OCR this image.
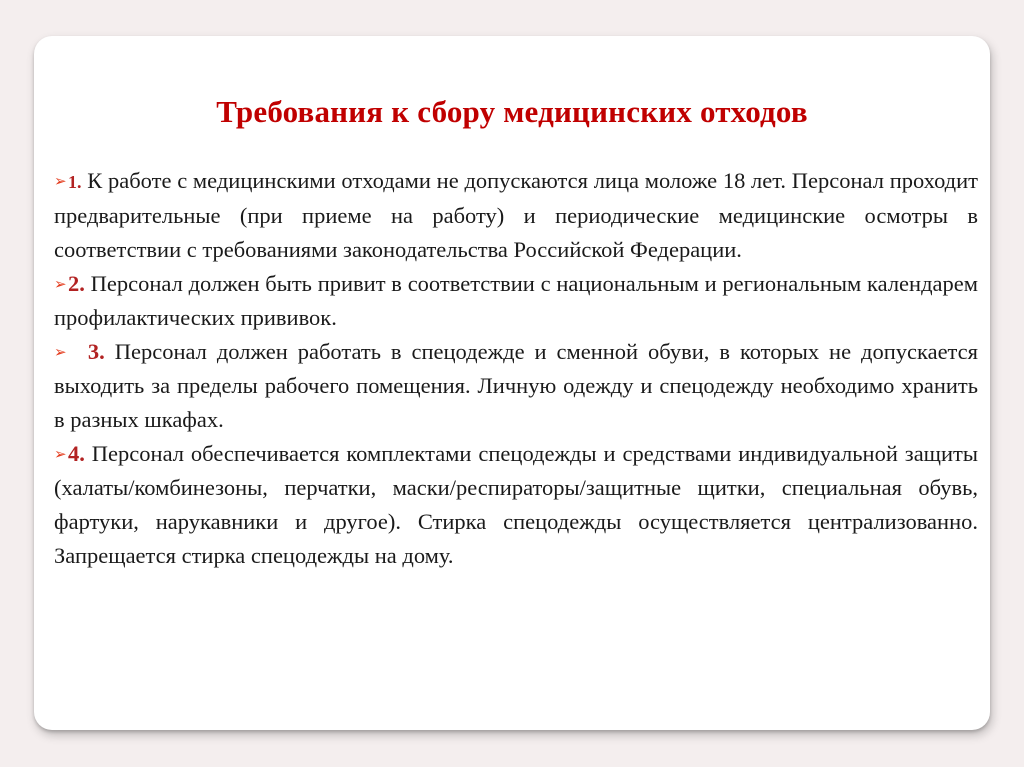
Требования к сбору медицинских отходов

➢1. К работе с медицинскими отходами не допускаются лица моложе 18 лет. Персонал проходит предварительные (при приеме на работу) и периодические медицинские осмотры в соответствии с требованиями законодательства Российской Федерации.

➢2. Персонал должен быть привит в соответствии с национальным и региональным календарем профилактических прививок.

➢ 3. Персонал должен работать в спецодежде и сменной обуви, в которых не допускается выходить за пределы рабочего помещения. Личную одежду и спецодежду необходимо хранить в разных шкафах.

➢4. Персонал обеспечивается комплектами спецодежды и средствами индивидуальной защиты (халаты/комбинезоны, перчатки, маски/респираторы/защитные щитки, специальная обувь, фартуки, нарукавники и другое). Стирка спецодежды осуществляется централизованно. Запрещается стирка спецодежды на дому.
